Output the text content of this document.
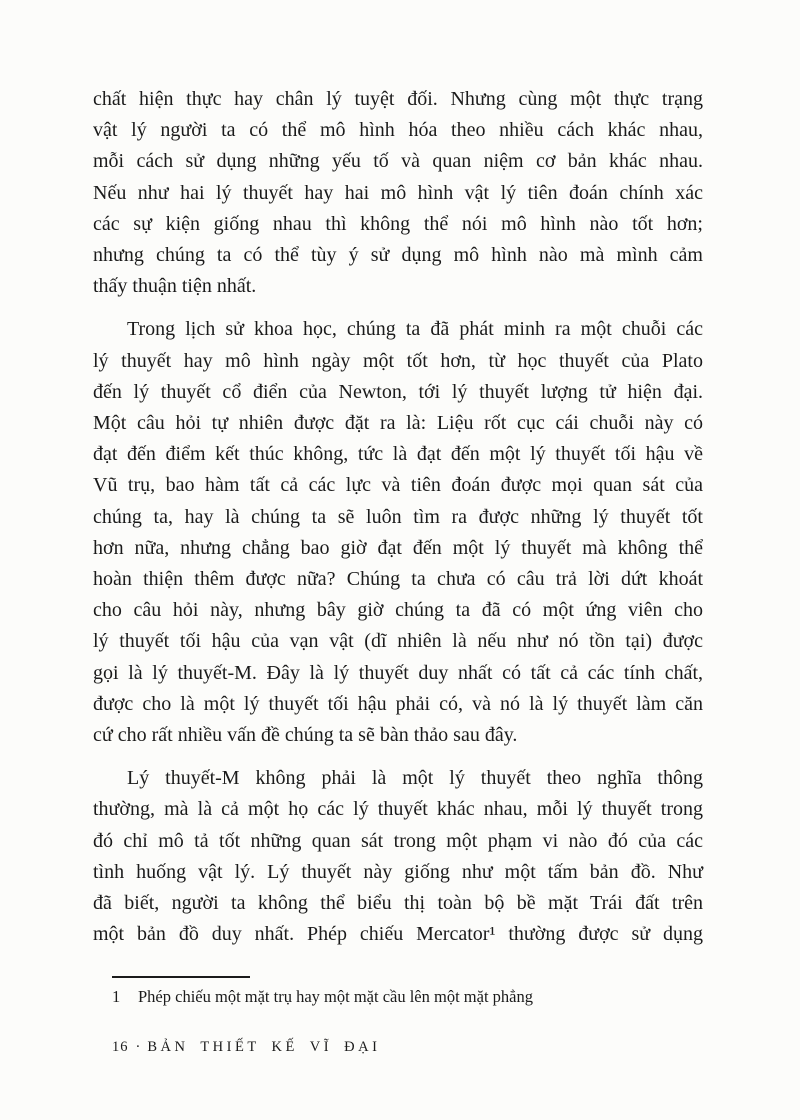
chất hiện thực hay chân lý tuyệt đối. Nhưng cùng một thực trạng
vật lý người ta có thể mô hình hóa theo nhiều cách khác nhau,
mỗi cách sử dụng những yếu tố và quan niệm cơ bản khác nhau.
Nếu như hai lý thuyết hay hai mô hình vật lý tiên đoán chính xác
các sự kiện giống nhau thì không thể nói mô hình nào tốt hơn;
nhưng chúng ta có thể tùy ý sử dụng mô hình nào mà mình cảm
thấy thuận tiện nhất.
Trong lịch sử khoa học, chúng ta đã phát minh ra một chuỗi các
lý thuyết hay mô hình ngày một tốt hơn, từ học thuyết của Plato
đến lý thuyết cổ điển của Newton, tới lý thuyết lượng tử hiện đại.
Một câu hỏi tự nhiên được đặt ra là: Liệu rốt cục cái chuỗi này có
đạt đến điểm kết thúc không, tức là đạt đến một lý thuyết tối hậu về
Vũ trụ, bao hàm tất cả các lực và tiên đoán được mọi quan sát của
chúng ta, hay là chúng ta sẽ luôn tìm ra được những lý thuyết tốt
hơn nữa, nhưng chẳng bao giờ đạt đến một lý thuyết mà không thể
hoàn thiện thêm được nữa? Chúng ta chưa có câu trả lời dứt khoát
cho câu hỏi này, nhưng bây giờ chúng ta đã có một ứng viên cho
lý thuyết tối hậu của vạn vật (dĩ nhiên là nếu như nó tồn tại) được
gọi là lý thuyết-M. Đây là lý thuyết duy nhất có tất cả các tính chất,
được cho là một lý thuyết tối hậu phải có, và nó là lý thuyết làm căn
cứ cho rất nhiều vấn đề chúng ta sẽ bàn thảo sau đây.
Lý thuyết-M không phải là một lý thuyết theo nghĩa thông
thường, mà là cả một họ các lý thuyết khác nhau, mỗi lý thuyết trong
đó chỉ mô tả tốt những quan sát trong một phạm vi nào đó của các
tình huống vật lý. Lý thuyết này giống như một tấm bản đồ. Như
đã biết, người ta không thể biểu thị toàn bộ bề mặt Trái đất trên
một bản đồ duy nhất. Phép chiếu Mercator¹ thường được sử dụng
1 Phép chiếu một mặt trụ hay một mặt cầu lên một mặt phẳng
16 · BẢN THIẾT KẾ VĨ ĐẠI
